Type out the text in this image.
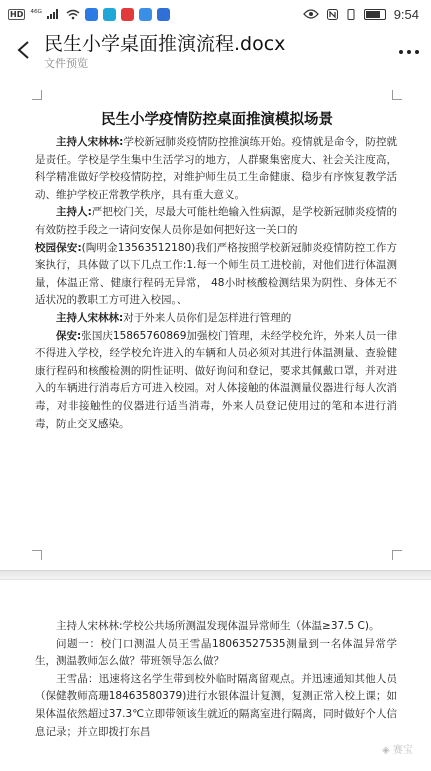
HD ⁴⁶ᴳ	9:54
民生小学桌面推演流程.docx
文件预览
民生小学疫情防控桌面推演模拟场景

主持人宋林林:学校新冠肺炎疫情防控推演练开始。疫情就是命令，防控就是责任。学校是学生集中生活学习的地方，人群聚集密度大、社会关注度高，科学精准做好学校疫情防控，对维护师生员工生命健康、稳步有序恢复教学活动、维护学校正常教学秩序，具有重大意义。

主持人:严把校门关，尽最大可能杜绝输入性病源，是学校新冠肺炎疫情的有效防控手段之一请问安保人员你是如何把好这一关口的

校园保安:(陶明金13563512180)我们严格按照学校新冠肺炎疫情防控工作方案执行，具体做了以下几点工作:1.每一个师生员工进校前，对他们进行体温测量，体温正常、健康行程码无异常， 48小时核酸检测结果为阴性、身体无不适状况的教职工方可进入校园。、

主持人宋林林:对于外来人员你们是怎样进行管理的

保安:张国庆15865760869加强校门管理，未经学校允许，外来人员一律不得进入学校，经学校允许进入的车辆和人员必须对其进行体温测量、查验健康行程码和核酸检测的阴性证明、做好询问和登记，要求其佩戴口罩，并对进入的车辆进行消毒后方可进入校园。对人体接触的体温测量仪器进行每人次消毒，对非接触性的仪器进行适当消毒，外来人员登记使用过的笔和本进行消毒，防止交叉感染。

主持人宋林林:学校公共场所测温发现体温异常师生（体温≥37.5 C)。

问题一：校门口测温人员王雪晶18063527535测量到一名体温异常学生，测温教师怎么做？带班领导怎么做？

王雪晶：迅速将这名学生带到校外临时隔离留观点。并迅速通知其他人员（保健教师高珊18463580379)进行水银体温计复测，复测正常入校上课；如果体温依然超过37.3℃立即带领该生就近的隔离室进行隔离，同时做好个人信息记录；并立即拨打东昌

◈ 赛宝
